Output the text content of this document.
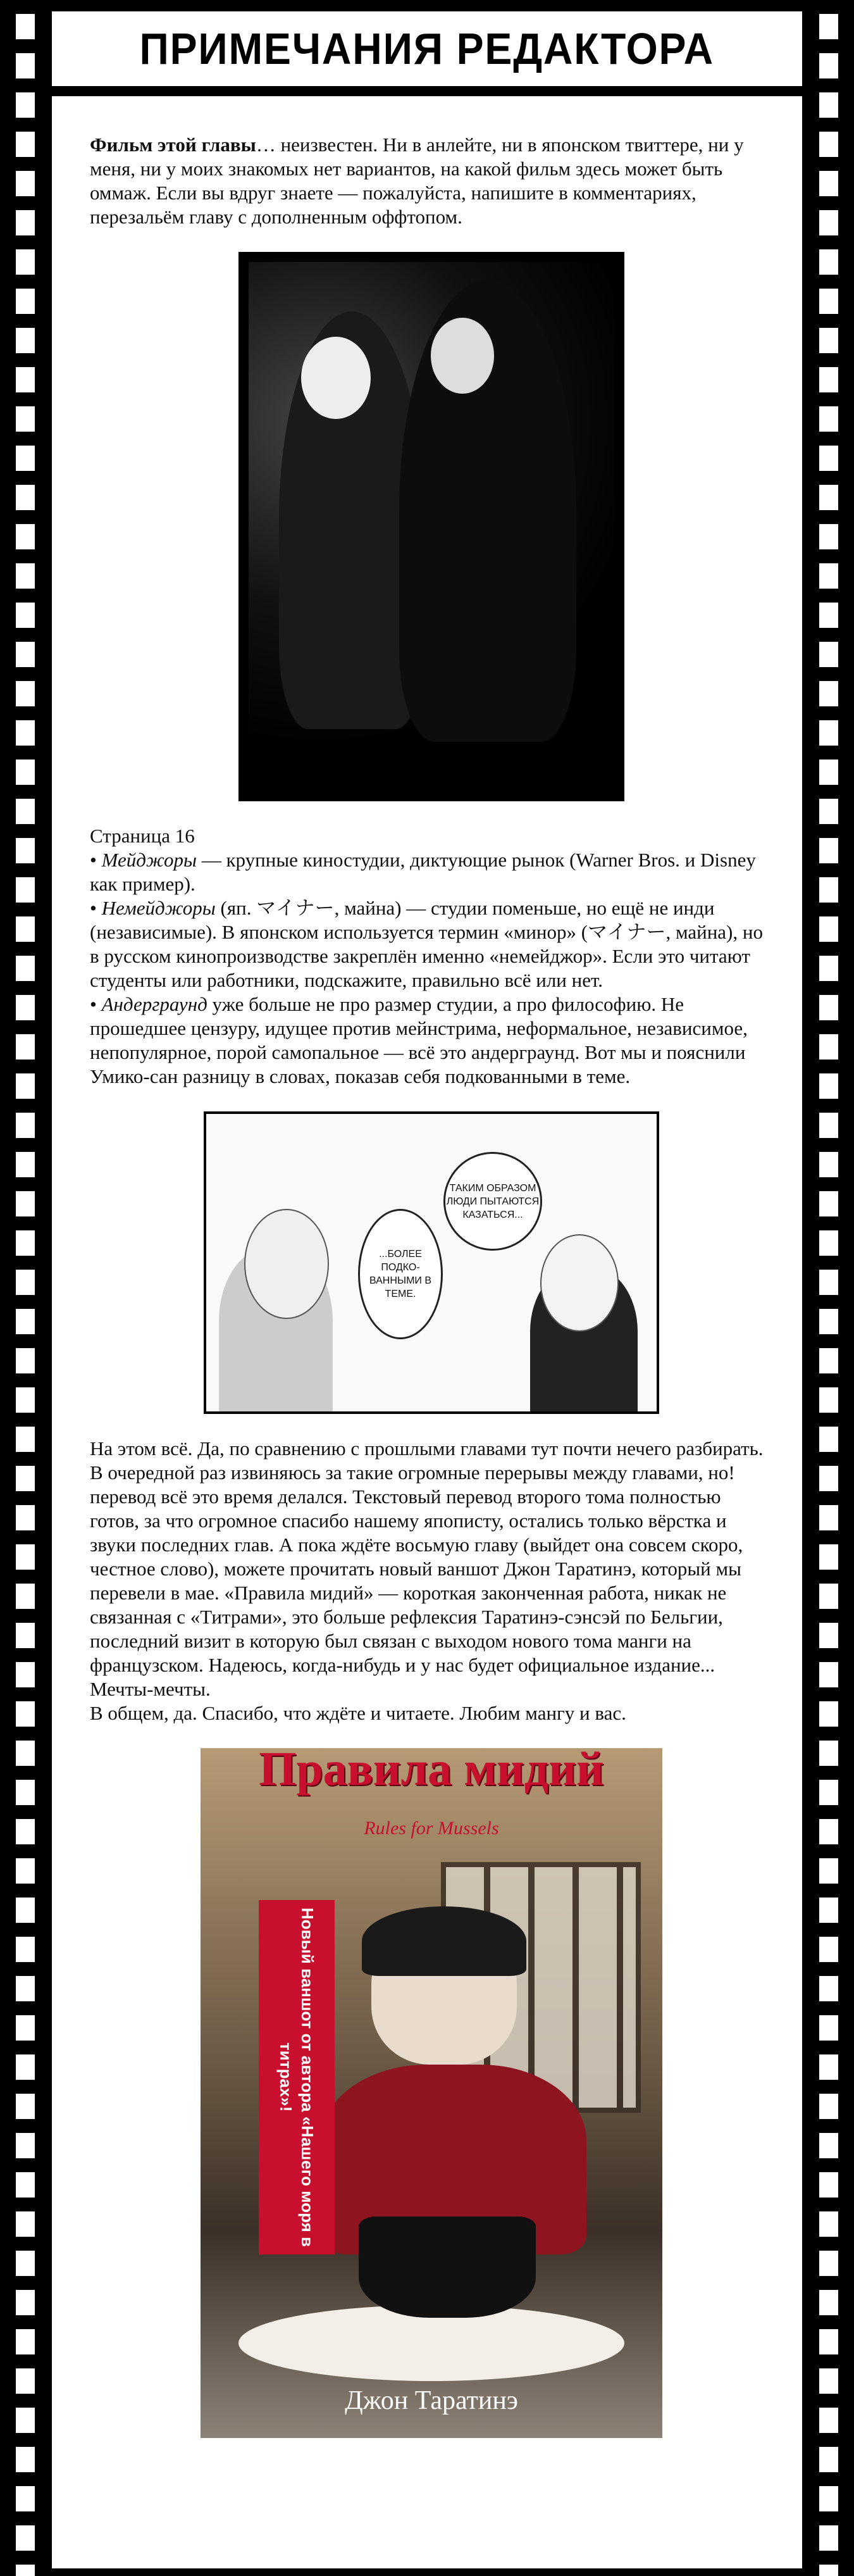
ПРИМЕЧАНИЯ РЕДАКТОРА

Фильм этой главы… неизвестен. Ни в анлейте, ни в японском твиттере, ни у меня, ни у моих знакомых нет вариантов, на какой фильм здесь может быть оммаж. Если вы вдруг знаете — пожалуйста, напишите в комментариях, перезальём главу с дополненным оффтопом.

Страница 16
• Мейджоры — крупные киностудии, диктующие рынок (Warner Bros. и Disney как пример).
• Немейджоры (яп. マイナー, майна) — студии поменьше, но ещё не инди (независимые). В японском используется термин «минор» (マイナー, майна), но в русском кинопроизводстве закреплён именно «немейджор». Если это читают студенты или работники, подскажите, правильно всё или нет.
• Андерграунд уже больше не про размер студии, а про философию. Не прошедшее цензуру, идущее против мейнстрима, неформальное, независимое, непопулярное, порой самопальное — всё это андерграунд. Вот мы и пояснили Умико-сан разницу в словах, показав себя подкованными в теме.

ТАКИМ ОБРАЗОМ ЛЮДИ ПЫТАЮТСЯ КАЗАТЬСЯ...
...БОЛЕЕ ПОДКО-ВАННЫМИ В ТЕМЕ.

На этом всё. Да, по сравнению с прошлыми главами тут почти нечего разбирать. В очередной раз извиняюсь за такие огромные перерывы между главами, но! перевод всё это время делался. Текстовый перевод второго тома полностью готов, за что огромное спасибо нашему япописту, остались только вёрстка и звуки последних глав. А пока ждёте восьмую главу (выйдет она совсем скоро, честное слово), можете прочитать новый ваншот Джон Таратинэ, который мы перевели в мае. «Правила мидий» — короткая законченная работа, никак не связанная с «Титрами», это больше рефлексия Таратинэ-сэнсэй по Бельгии, последний визит в которую был связан с выходом нового тома манги на французском. Надеюсь, когда-нибудь и у нас будет официальное издание... Мечты-мечты.

В общем, да. Спасибо, что ждёте и читаете. Любим мангу и вас.

Правила мидий
Rules for Mussels
Новый ваншот от автора «Нашего моря в титрах»!
Джон Таратинэ
